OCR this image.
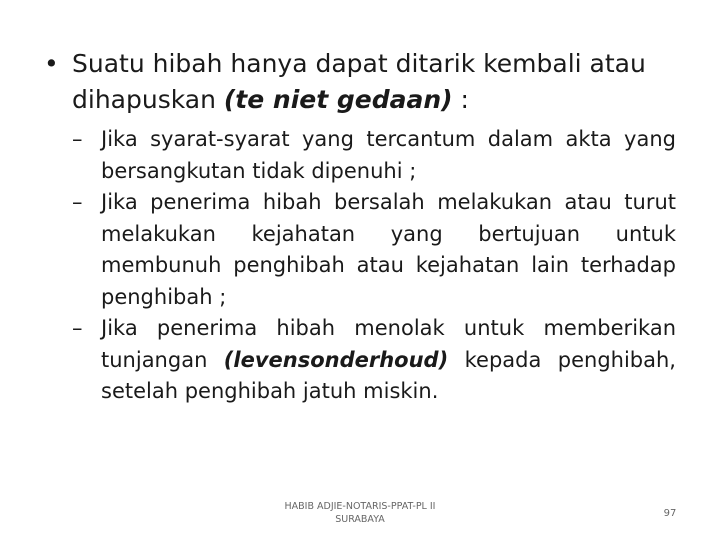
• Suatu hibah hanya dapat ditarik kembali atau dihapuskan (te niet gedaan) :
– Jika syarat-syarat yang tercantum dalam akta yang bersangkutan tidak dipenuhi ;
– Jika penerima hibah bersalah melakukan atau turut melakukan kejahatan yang bertujuan untuk membunuh penghibah atau kejahatan lain terhadap penghibah ;
– Jika penerima hibah menolak untuk memberikan tunjangan (levensonderhoud) kepada penghibah, setelah penghibah jatuh miskin.
HABIB ADJIE-NOTARIS-PPAT-PL II
SURABAYA
97
